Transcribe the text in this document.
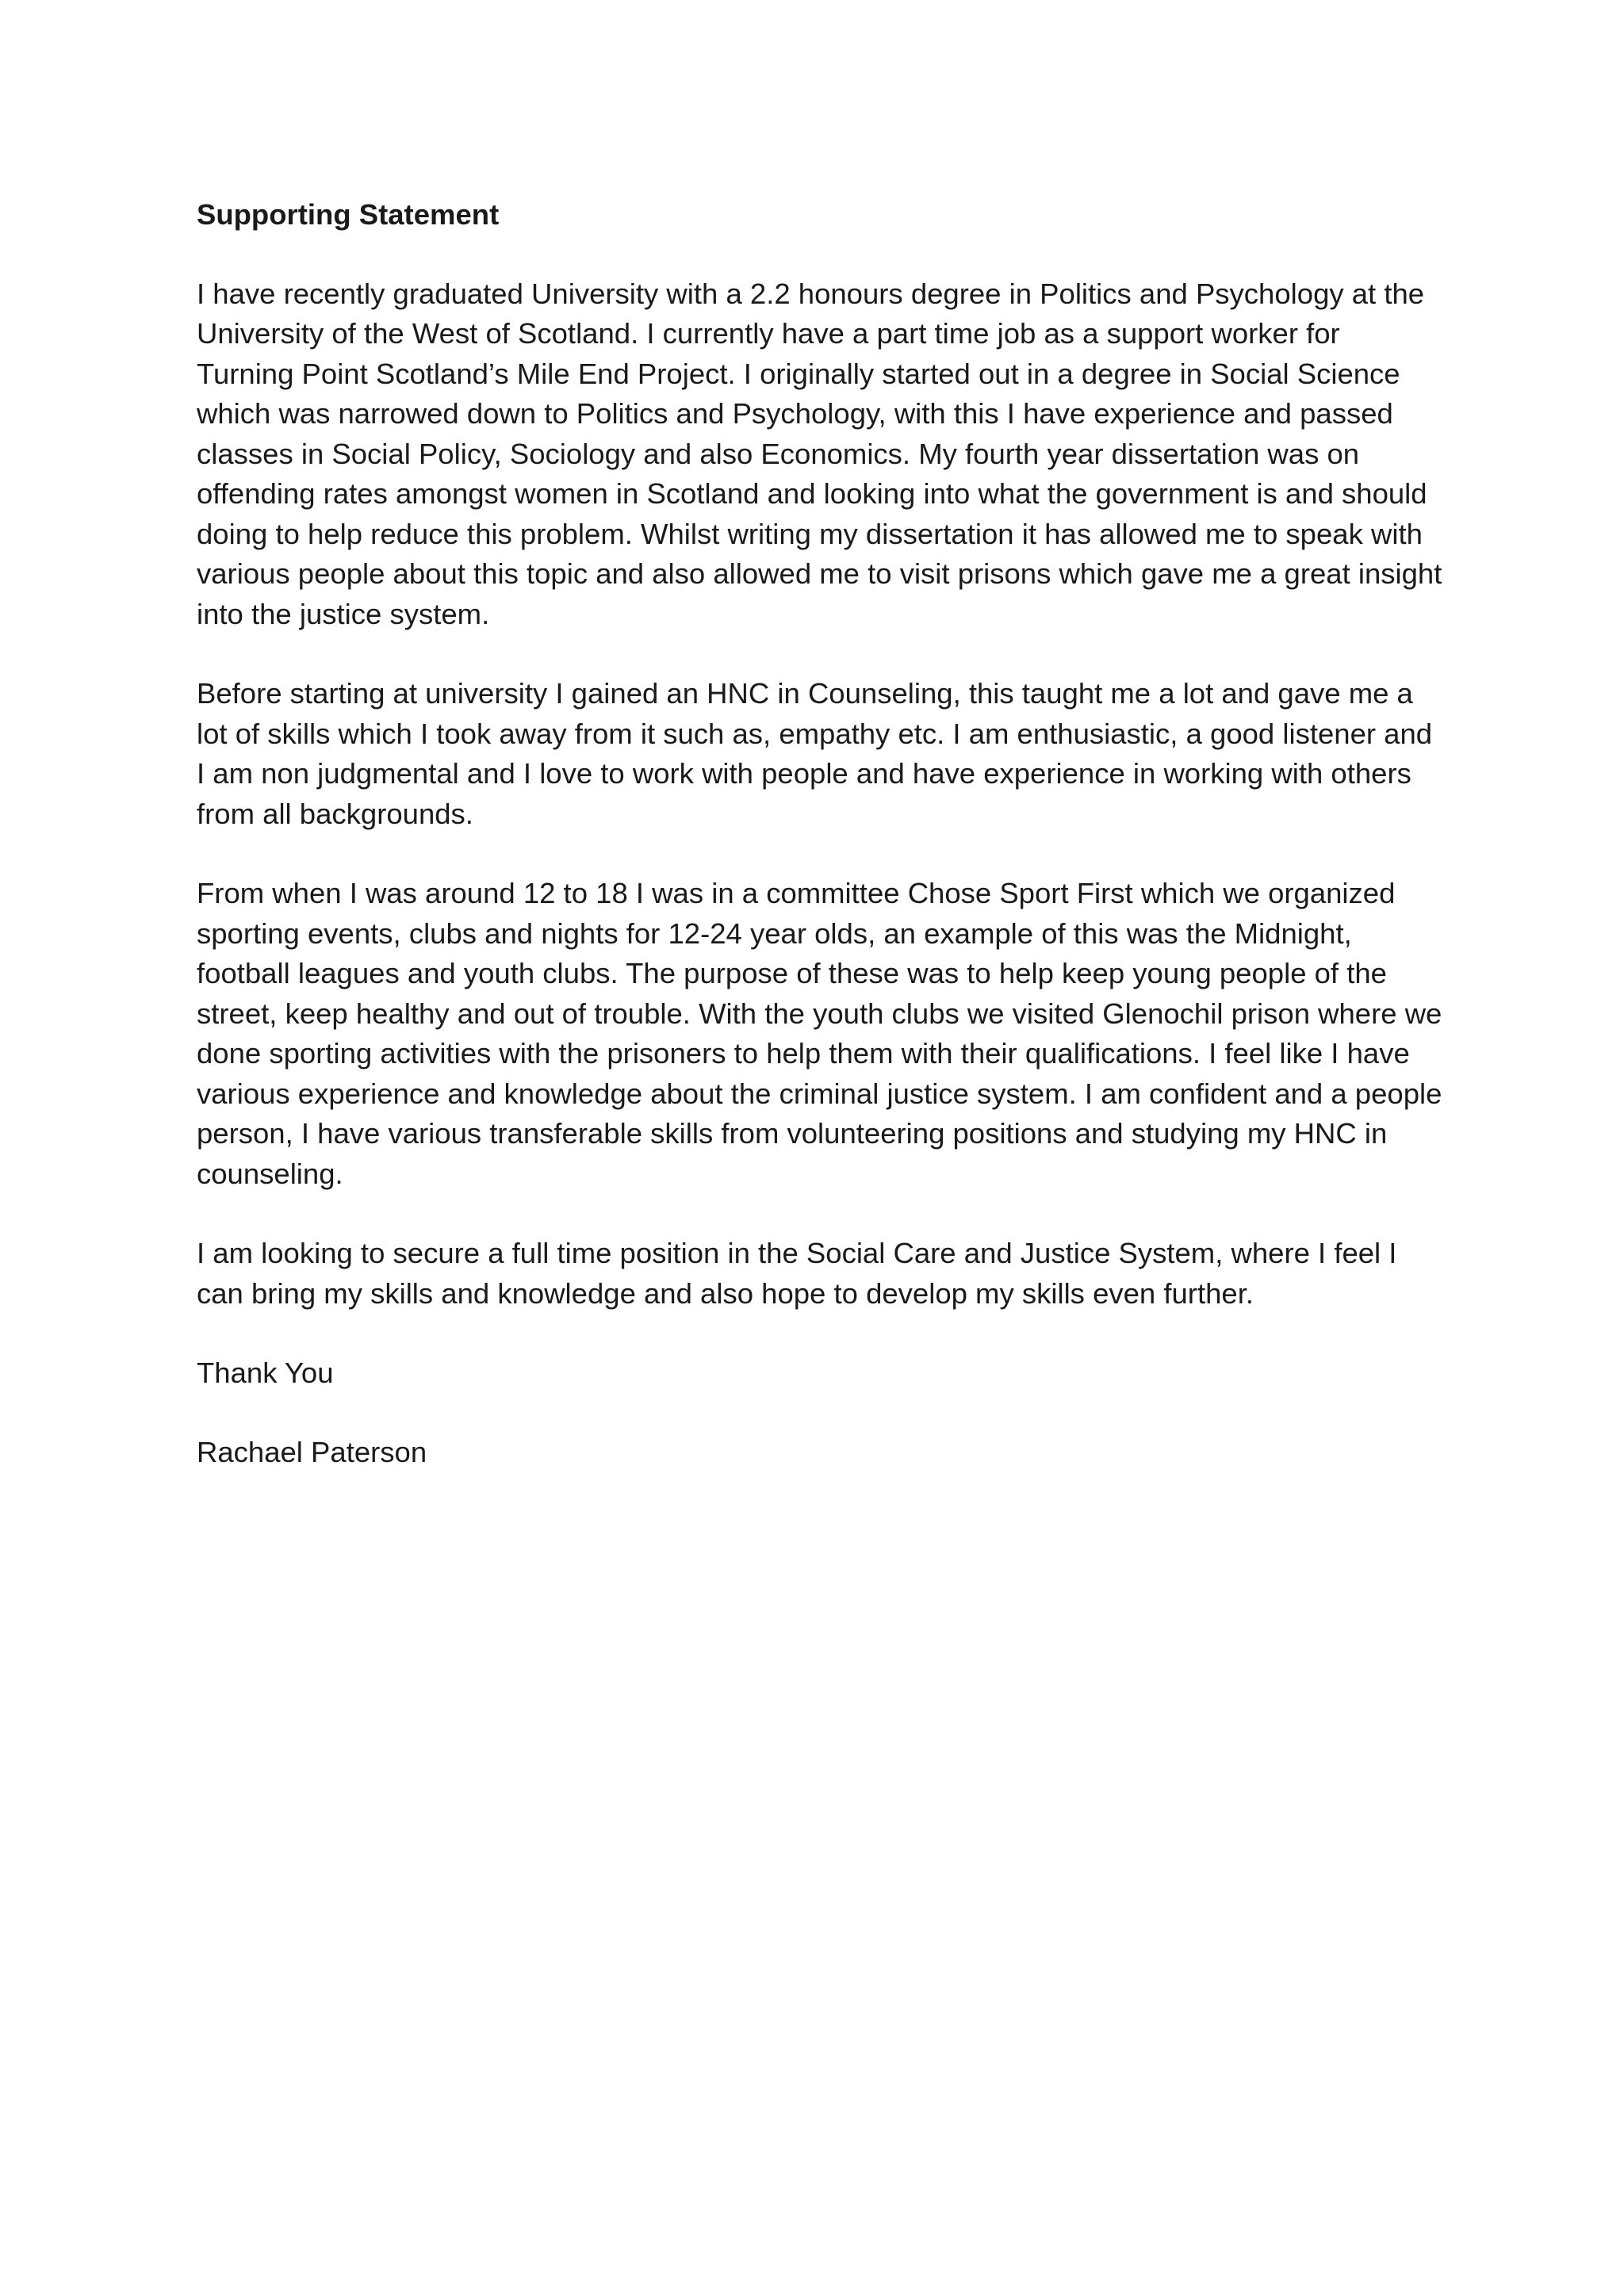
Supporting Statement

I have recently graduated University with a 2.2 honours degree in Politics and Psychology at the University of the West of Scotland. I currently have a part time job as a support worker for Turning Point Scotland’s Mile End Project. I originally started out in a degree in Social Science which was narrowed down to Politics and Psychology, with this I have experience and passed classes in Social Policy, Sociology and also Economics. My fourth year dissertation was on offending rates amongst women in Scotland and looking into what the government is and should doing to help reduce this problem. Whilst writing my dissertation it has allowed me to speak with various people about this topic and also allowed me to visit prisons which gave me a great insight into the justice system.

Before starting at university I gained an HNC in Counseling, this taught me a lot and gave me a lot of skills which I took away from it such as, empathy etc. I am enthusiastic, a good listener and I am non judgmental and I love to work with people and have experience in working with others from all backgrounds.

From when I was around 12 to 18 I was in a committee Chose Sport First which we organized sporting events, clubs and nights for 12-24 year olds, an example of this was the Midnight, football leagues and youth clubs. The purpose of these was to help keep young people of the street, keep healthy and out of trouble. With the youth clubs we visited Glenochil prison where we done sporting activities with the prisoners to help them with their qualifications. I feel like I have various experience and knowledge about the criminal justice system. I am confident and a people person, I have various transferable skills from volunteering positions and studying my HNC in counseling.

I am looking to secure a full time position in the Social Care and Justice System, where I feel I can bring my skills and knowledge and also hope to develop my skills even further.

Thank You

Rachael Paterson
